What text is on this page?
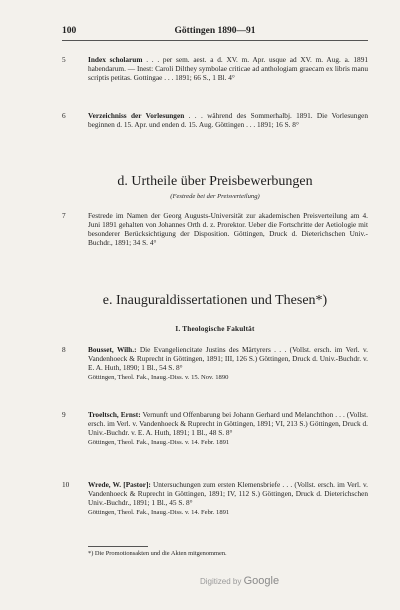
100	Göttingen 1890—91
5	Index scholarum . . . per sem. aest. a d. XV. m. Apr. usque ad XV. m. Aug. a. 1891 habendarum. — Inest: Caroli Dilthey symbolae criticae ad anthologiam graecam ex libris manu scriptis petitas. Gottingae . . . 1891; 66 S., 1 Bl. 4°
6	Verzeichniss der Vorlesungen . . . während des Sommerhalbj. 1891. Die Vorlesungen beginnen d. 15. Apr. und enden d. 15. Aug. Göttingen . . . 1891; 16 S. 8°
d. Urtheile über Preisbewerbungen
(Festrede bei der Preisverteilung)
7	Festrede im Namen der Georg Augusts-Universität zur akademischen Preisverteilung am 4. Juni 1891 gehalten von Johannes Orth d. z. Prorektor. Ueber die Fortschritte der Aetiologie mit besonderer Berücksichtigung der Disposition. Göttingen, Druck d. Dieterichschen Univ.-Buchdr., 1891; 34 S. 4°
e. Inauguraldissertationen und Thesen*)
I. Theologische Fakultät
8	Bousset, Wilh.: Die Evangeliencitate Justins des Märtyrers . . . (Vollst. ersch. im Verl. v. Vandenhoeck & Ruprecht in Göttingen, 1891; III, 126 S.) Göttingen, Druck d. Univ.-Buchdr. v. E. A. Huth, 1890; 1 Bl., 54 S. 8°
Göttingen, Theol. Fak., Inaug.-Diss. v. 15. Nov. 1890
9	Troeltsch, Ernst: Vernunft und Offenbarung bei Johann Gerhard und Melanchthon . . . (Vollst. ersch. im Verl. v. Vandenhoeck & Ruprecht in Göttingen, 1891; VI, 213 S.) Göttingen, Druck d. Univ.-Buchdr. v. E. A. Huth, 1891; 1 Bl., 48 S. 8°
Göttingen, Theol. Fak., Inaug.-Diss. v. 14. Febr. 1891
10	Wrede, W. [Pastor]: Untersuchungen zum ersten Klemensbriefe . . . (Vollst. ersch. im Verl. v. Vandenhoeck & Ruprecht in Göttingen, 1891; IV, 112 S.) Göttingen, Druck d. Dieterichschen Univ.-Buchdr., 1891; 1 Bl., 45 S. 8°
Göttingen, Theol. Fak., Inaug.-Diss. v. 14. Febr. 1891
*) Die Promotionsakten und die Akten mitgenommen.
Digitized by Google
